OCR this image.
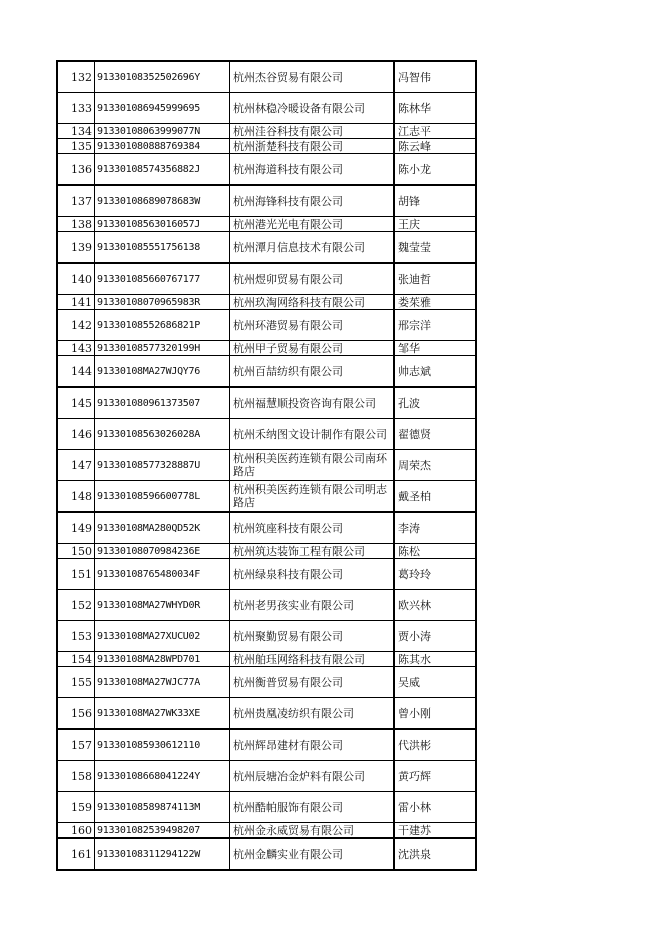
132	91330108352502696Y	杭州杰谷贸易有限公司	冯智伟
133	913301086945999695	杭州林稳冷暖设备有限公司	陈林华
134	91330108063999077N	杭州洼谷科技有限公司	江志平
135	913301080888769384	杭州浙楚科技有限公司	陈云峰
136	91330108574356882J	杭州海道科技有限公司	陈小龙
137	91330108689078683W	杭州海锋科技有限公司	胡锋
138	91330108563016057J	杭州港光光电有限公司	王庆
139	913301085551756138	杭州潭月信息技术有限公司	魏莹莹
140	913301085660767177	杭州煜卯贸易有限公司	张迪哲
141	91330108070965983R	杭州玖淘网络科技有限公司	娄茱雅
142	91330108552686821P	杭州环港贸易有限公司	邢宗洋
143	91330108577320199H	杭州甲子贸易有限公司	邹华
144	91330108MA27WJQY76	杭州百喆纺织有限公司	帅志斌
145	913301080961373507	杭州福慧顺投资咨询有限公司	孔波
146	91330108563026028A	杭州禾纳图文设计制作有限公司	翟德贤
147	91330108577328887U	杭州积美医药连锁有限公司南环路店	周荣杰
148	91330108596600778L	杭州积美医药连锁有限公司明志路店	戴圣柏
149	91330108MA280QD52K	杭州筑座科技有限公司	李涛
150	91330108070984236E	杭州筑达装饰工程有限公司	陈松
151	91330108765480034F	杭州绿泉科技有限公司	葛玲玲
152	91330108MA27WHYD0R	杭州老男孩实业有限公司	欧兴林
153	91330108MA27XUCU02	杭州聚勤贸易有限公司	贾小涛
154	91330108MA28WPD701	杭州舶珏网络科技有限公司	陈其水
155	91330108MA27WJC77A	杭州衡普贸易有限公司	吴威
156	91330108MA27WK33XE	杭州贵凰凌纺织有限公司	曾小刚
157	913301085930612110	杭州辉昂建材有限公司	代洪彬
158	91330108668041224Y	杭州辰塘冶金炉料有限公司	黄巧辉
159	91330108589874113M	杭州酷帕服饰有限公司	雷小林
160	913301082539498207	杭州金永威贸易有限公司	干建苏
161	91330108311294122W	杭州金麟实业有限公司	沈洪泉
